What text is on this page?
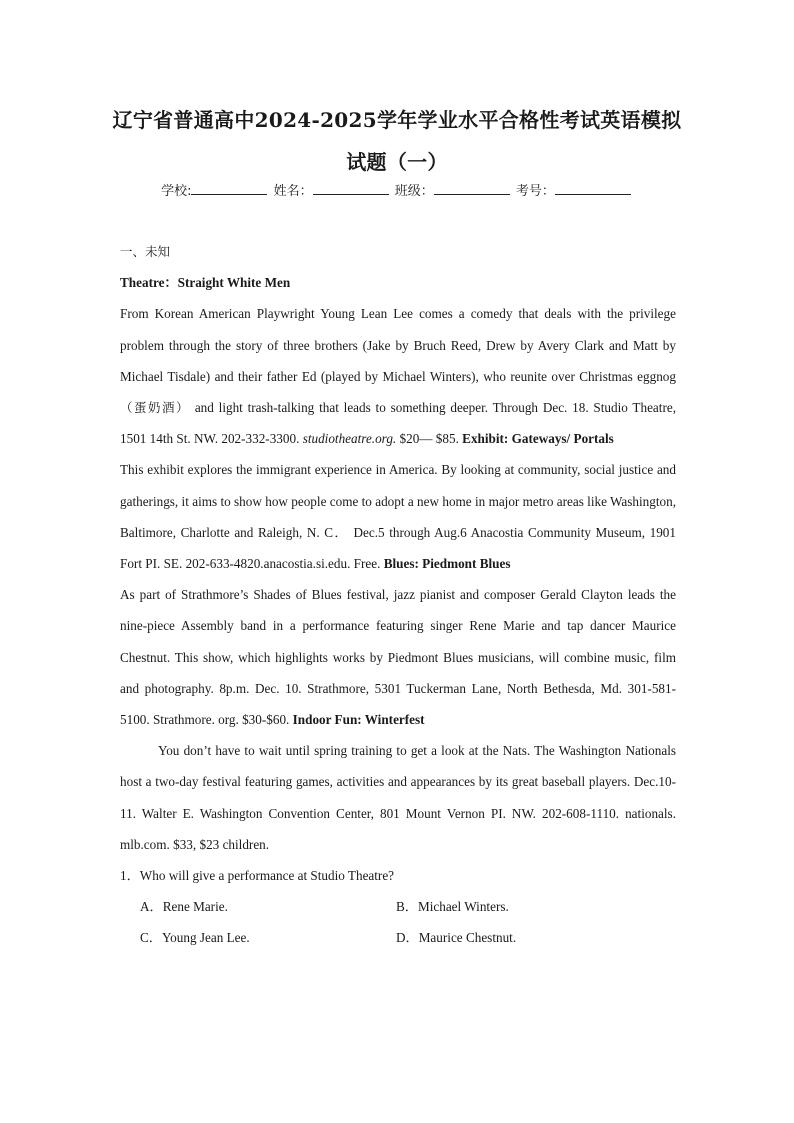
辽宁省普通高中2024-2025学年学业水平合格性考试英语模拟
试题（一）
学校:	姓名：	班级：	考号：

一、未知

Theatre：Straight White Men

From Korean American Playwright Young Lean Lee comes a comedy that deals with the privilege problem through the story of three brothers (Jake by Bruch Reed, Drew by Avery Clark and Matt by Michael Tisdale) and their father Ed (played by Michael Winters), who reunite over Christmas eggnog（蛋奶酒） and light trash-talking that leads to something deeper. Through Dec. 18. Studio Theatre, 1501 14th St. NW. 202-332-3300. studiotheatre.org. $20— $85. Exhibit: Gateways/ Portals

This exhibit explores the immigrant experience in America. By looking at community, social justice and gatherings, it aims to show how people come to adopt a new home in major metro areas like Washington, Baltimore, Charlotte and Raleigh, N. C． Dec.5 through Aug.6 Anacostia Community Museum, 1901 Fort PI. SE. 202-633-4820.anacostia.si.edu. Free. Blues: Piedmont Blues

As part of Strathmore’s Shades of Blues festival, jazz pianist and composer Gerald Clayton leads the nine-piece Assembly band in a performance featuring singer Rene Marie and tap dancer Maurice Chestnut. This show, which highlights works by Piedmont Blues musicians, will combine music, film and photography. 8p.m. Dec. 10. Strathmore, 5301 Tuckerman Lane, North Bethesda, Md. 301-581-5100. Strathmore. org. $30-$60. Indoor Fun: Winterfest

You don’t have to wait until spring training to get a look at the Nats. The Washington Nationals host a two-day festival featuring games, activities and appearances by its great baseball players. Dec.10-11. Walter E. Washington Convention Center, 801 Mount Vernon PI. NW. 202-608-1110. nationals. mlb.com. $33, $23 children.

1．Who will give a performance at Studio Theatre?

A．Rene Marie.	B．Michael Winters.
C．Young Jean Lee.	D．Maurice Chestnut.
